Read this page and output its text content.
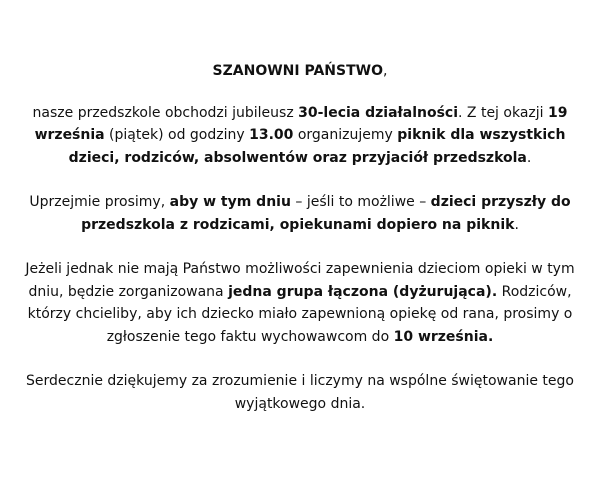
SZANOWNI PAŃSTWO,

nasze przedszkole obchodzi jubileusz 30-lecia działalności. Z tej okazji 19 września (piątek) od godziny 13.00 organizujemy piknik dla wszystkich dzieci, rodziców, absolwentów oraz przyjaciół przedszkola.

Uprzejmie prosimy, aby w tym dniu – jeśli to możliwe – dzieci przyszły do przedszkola z rodzicami, opiekunami dopiero na piknik.

Jeżeli jednak nie mają Państwo możliwości zapewnienia dzieciom opieki w tym dniu, będzie zorganizowana jedna grupa łączona (dyżurująca). Rodziców, którzy chcieliby, aby ich dziecko miało zapewnioną opiekę od rana, prosimy o zgłoszenie tego faktu wychowawcom do 10 września.

Serdecznie dziękujemy za zrozumienie i liczymy na wspólne świętowanie tego wyjątkowego dnia.
